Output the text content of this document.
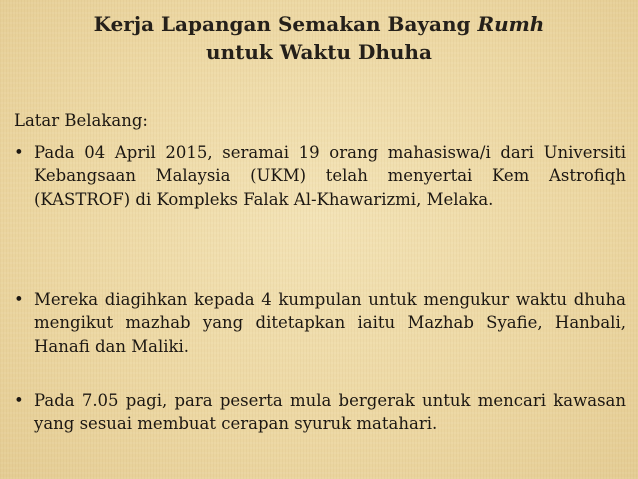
Kerja Lapangan Semakan Bayang Rumh
untuk Waktu Dhuha
Latar Belakang:
• Pada 04 April 2015, seramai 19 orang mahasiswa/i dari Universiti Kebangsaan Malaysia (UKM) telah menyertai Kem Astrofiqh (KASTROF) di Kompleks Falak Al-Khawarizmi, Melaka.
• Mereka diagihkan kepada 4 kumpulan untuk mengukur waktu dhuha mengikut mazhab yang ditetapkan iaitu Mazhab Syafie, Hanbali, Hanafi dan Maliki.
• Pada 7.05 pagi, para peserta mula bergerak untuk mencari kawasan yang sesuai membuat cerapan syuruk matahari.
